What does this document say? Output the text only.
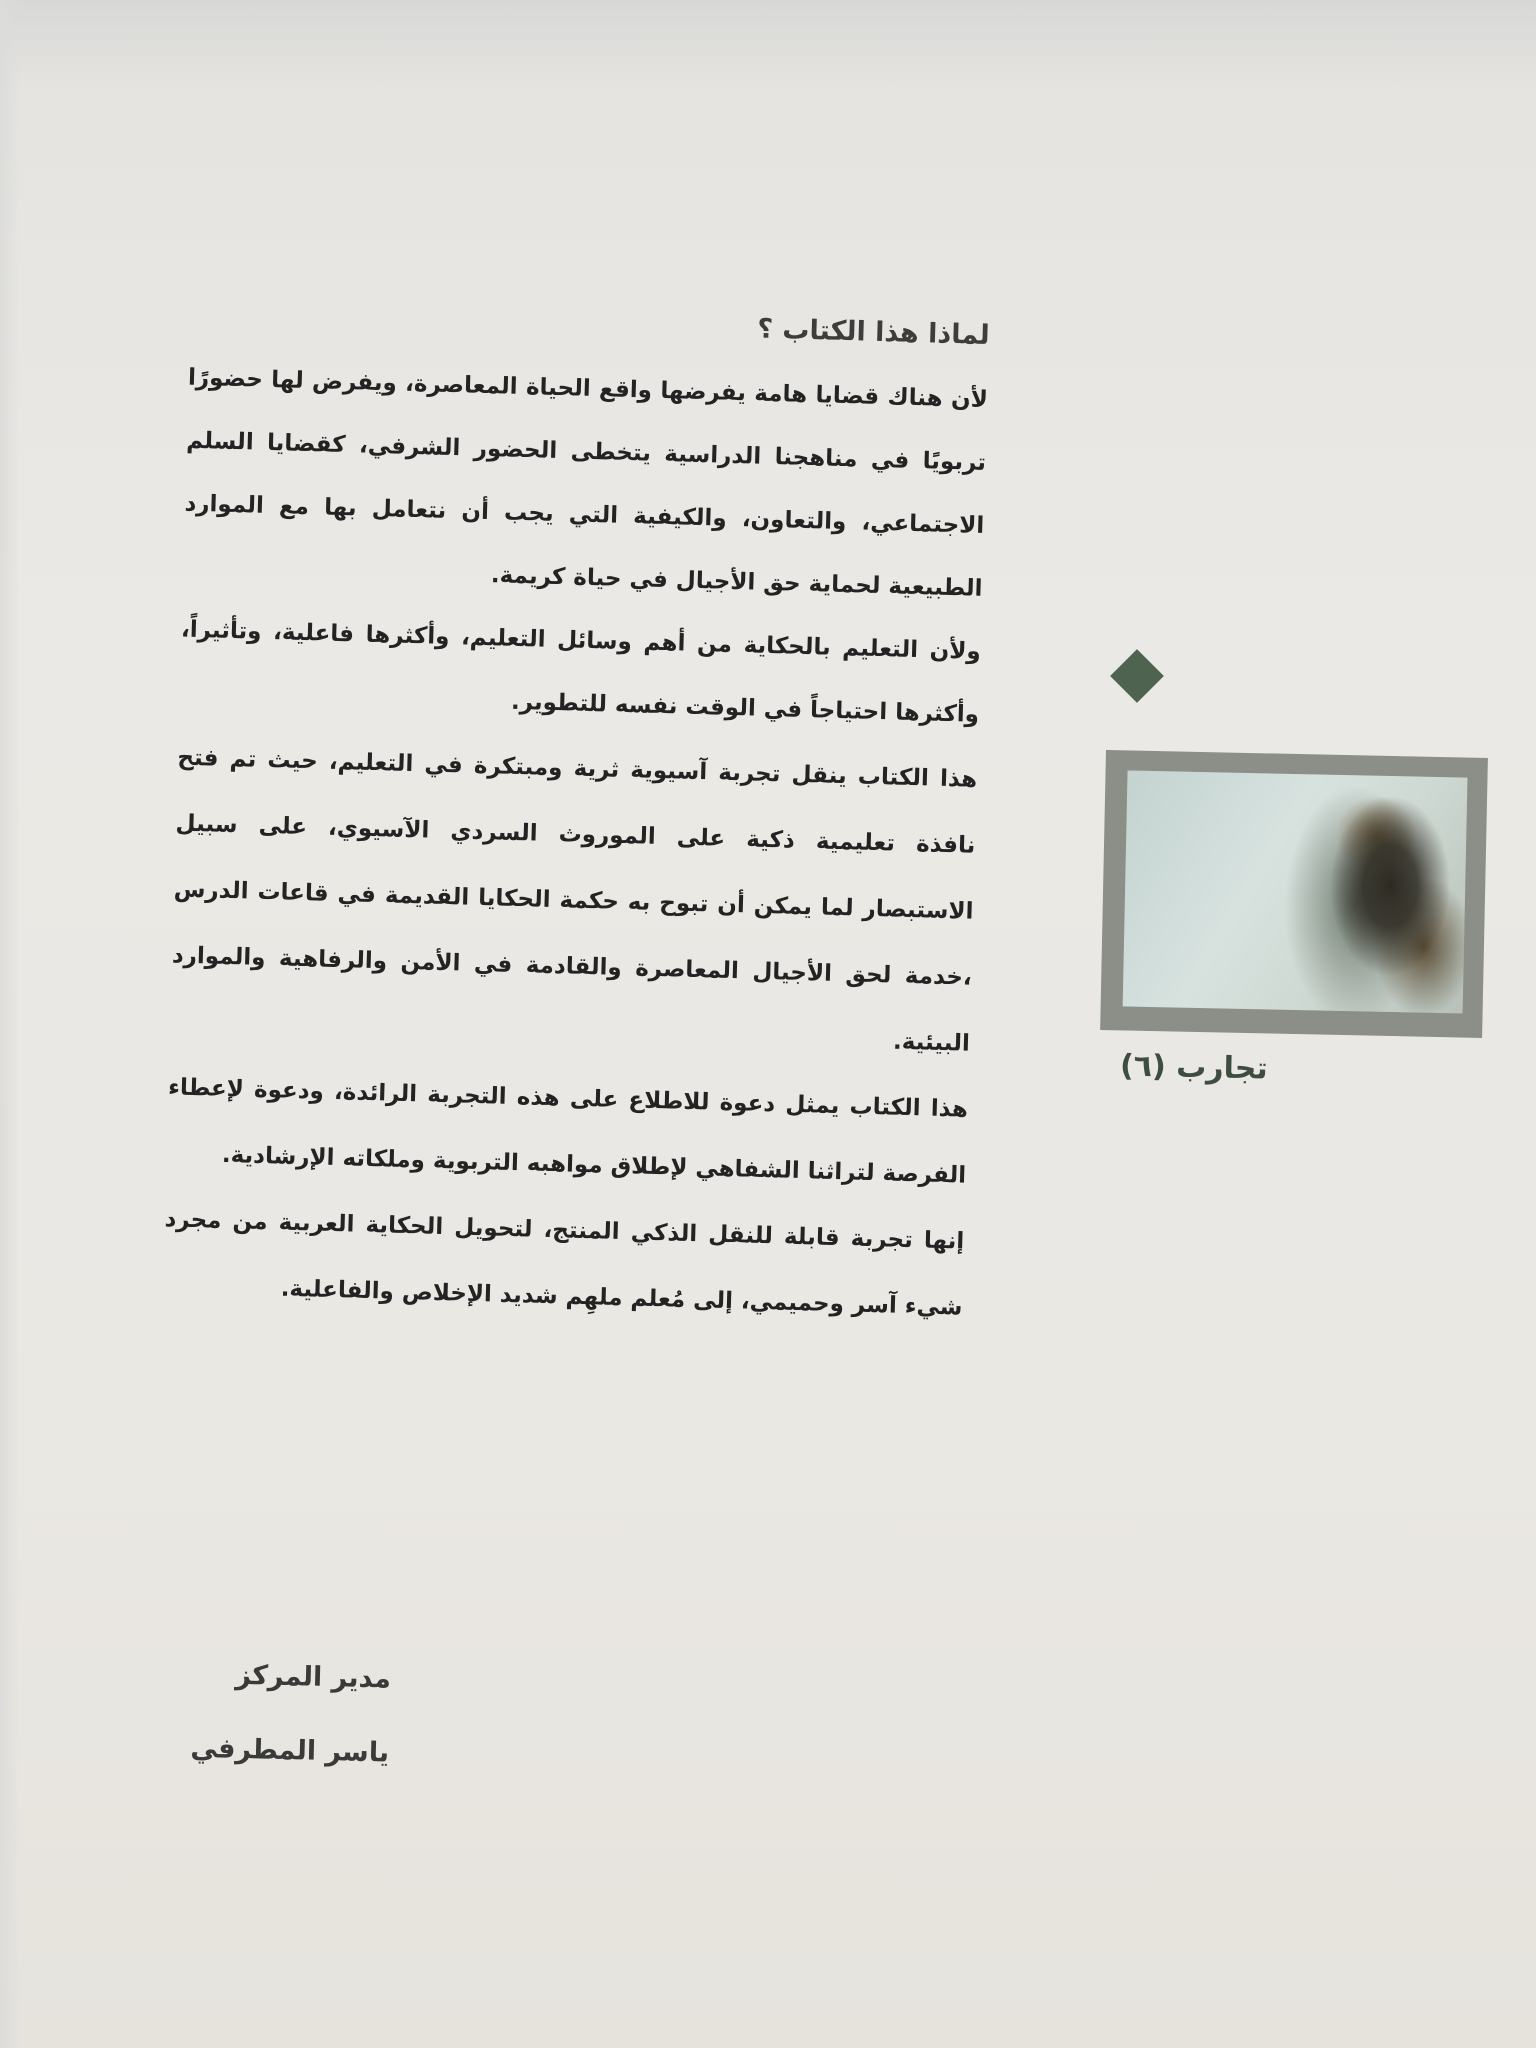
لماذا هذا الكتاب ؟

لأن هناك قضايا هامة يفرضها واقع الحياة المعاصرة، ويفرض لها حضورًا تربويًا في مناهجنا الدراسية يتخطى الحضور الشرفي، كقضايا السلم الاجتماعي، والتعاون، والكيفية التي يجب أن نتعامل بها مع الموارد الطبيعية لحماية حق الأجيال في حياة كريمة.

ولأن التعليم بالحكاية من أهم وسائل التعليم، وأكثرها فاعلية، وتأثيراً، وأكثرها احتياجاً في الوقت نفسه للتطوير.

هذا الكتاب ينقل تجربة آسيوية ثرية ومبتكرة في التعليم، حيث تم فتح نافذة تعليمية ذكية على الموروث السردي الآسيوي، على سبيل الاستبصار لما يمكن أن تبوح به حكمة الحكايا القديمة في قاعات الدرس ،خدمة لحق الأجيال المعاصرة والقادمة في الأمن والرفاهية والموارد البيئية.

هذا الكتاب يمثل دعوة للاطلاع على هذه التجربة الرائدة، ودعوة لإعطاء الفرصة لتراثنا الشفاهي لإطلاق مواهبه التربوية وملكاته الإرشادية.

إنها تجربة قابلة للنقل الذكي المنتج، لتحويل الحكاية العربية من مجرد شيء آسر وحميمي، إلى مُعلم ملهِم شديد الإخلاص والفاعلية.

تجارب (٦)
مدير المركز
ياسر المطرفي
